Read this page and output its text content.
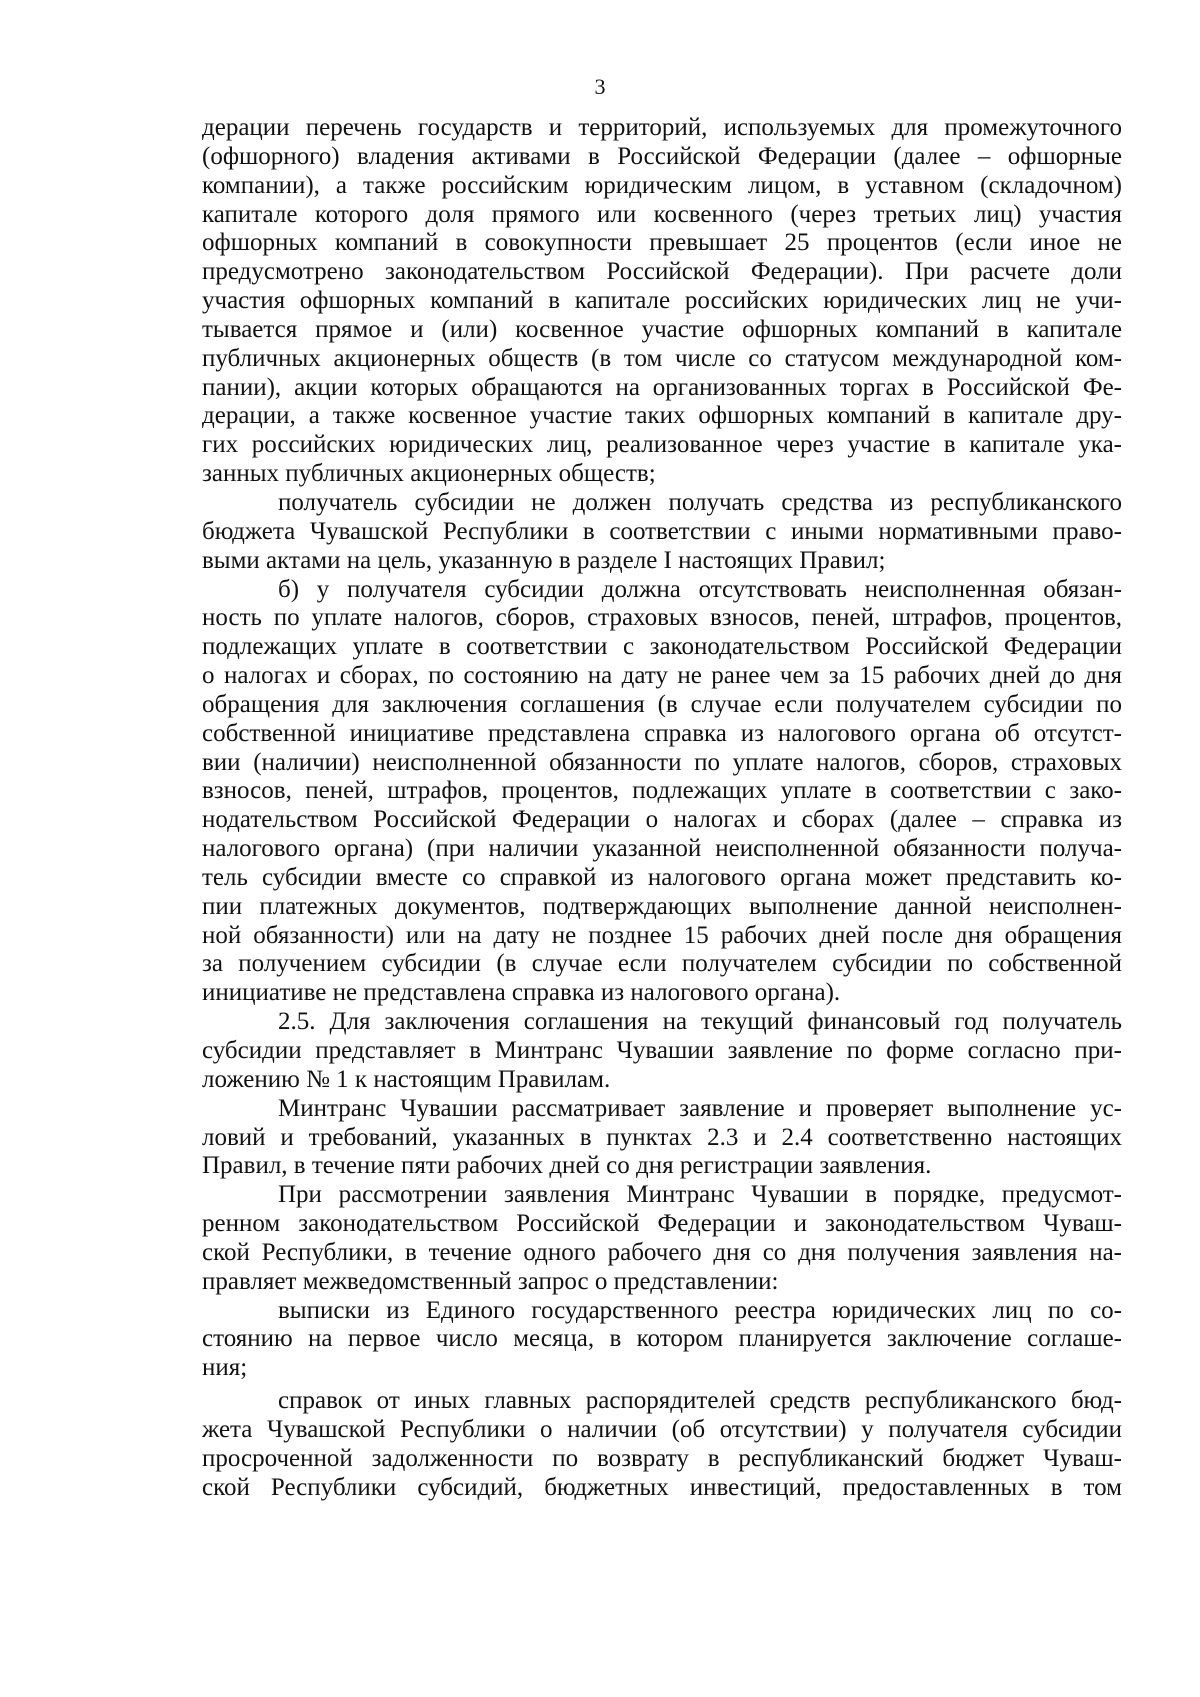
3
дерации перечень государств и территорий, используемых для промежуточного
(офшорного) владения активами в Российской Федерации (далее – офшорные
компании), а также российским юридическим лицом, в уставном (складочном)
капитале которого доля прямого или косвенного (через третьих лиц) участия
офшорных компаний в совокупности превышает 25 процентов (если иное не
предусмотрено законодательством Российской Федерации). При расчете доли
участия офшорных компаний в капитале российских юридических лиц не учи-
тывается прямое и (или) косвенное участие офшорных компаний в капитале
публичных акционерных обществ (в том числе со статусом международной ком-
пании), акции которых обращаются на организованных торгах в Российской Фе-
дерации, а также косвенное участие таких офшорных компаний в капитале дру-
гих российских юридических лиц, реализованное через участие в капитале ука-
занных публичных акционерных обществ;
получатель субсидии не должен получать средства из республиканского
бюджета Чувашской Республики в соответствии с иными нормативными право-
выми актами на цель, указанную в разделе I настоящих Правил;
б) у получателя субсидии должна отсутствовать неисполненная обязан-
ность по уплате налогов, сборов, страховых взносов, пеней, штрафов, процентов,
подлежащих уплате в соответствии с законодательством Российской Федерации
о налогах и сборах, по состоянию на дату не ранее чем за 15 рабочих дней до дня
обращения для заключения соглашения (в случае если получателем субсидии по
собственной инициативе представлена справка из налогового органа об отсутст-
вии (наличии) неисполненной обязанности по уплате налогов, сборов, страховых
взносов, пеней, штрафов, процентов, подлежащих уплате в соответствии с зако-
нодательством Российской Федерации о налогах и сборах (далее – справка из
налогового органа) (при наличии указанной неисполненной обязанности получа-
тель субсидии вместе со справкой из налогового органа может представить ко-
пии платежных документов, подтверждающих выполнение данной неисполнен-
ной обязанности) или на дату не позднее 15 рабочих дней после дня обращения
за получением субсидии (в случае если получателем субсидии по собственной
инициативе не представлена справка из налогового органа).
2.5. Для заключения соглашения на текущий финансовый год получатель
субсидии представляет в Минтранс Чувашии заявление по форме согласно при-
ложению № 1 к настоящим Правилам.
Минтранс Чувашии рассматривает заявление и проверяет выполнение ус-
ловий и требований, указанных в пунктах 2.3 и 2.4 соответственно настоящих
Правил, в течение пяти рабочих дней со дня регистрации заявления.
При рассмотрении заявления Минтранс Чувашии в порядке, предусмот-
ренном законодательством Российской Федерации и законодательством Чуваш-
ской Республики, в течение одного рабочего дня со дня получения заявления на-
правляет межведомственный запрос о представлении:
выписки из Единого государственного реестра юридических лиц по со-
стоянию на первое число месяца, в котором планируется заключение соглаше-
ния;
справок от иных главных распорядителей средств республиканского бюд-
жета Чувашской Республики о наличии (об отсутствии) у получателя субсидии
просроченной задолженности по возврату в республиканский бюджет Чуваш-
ской Республики субсидий, бюджетных инвестиций, предоставленных в том
